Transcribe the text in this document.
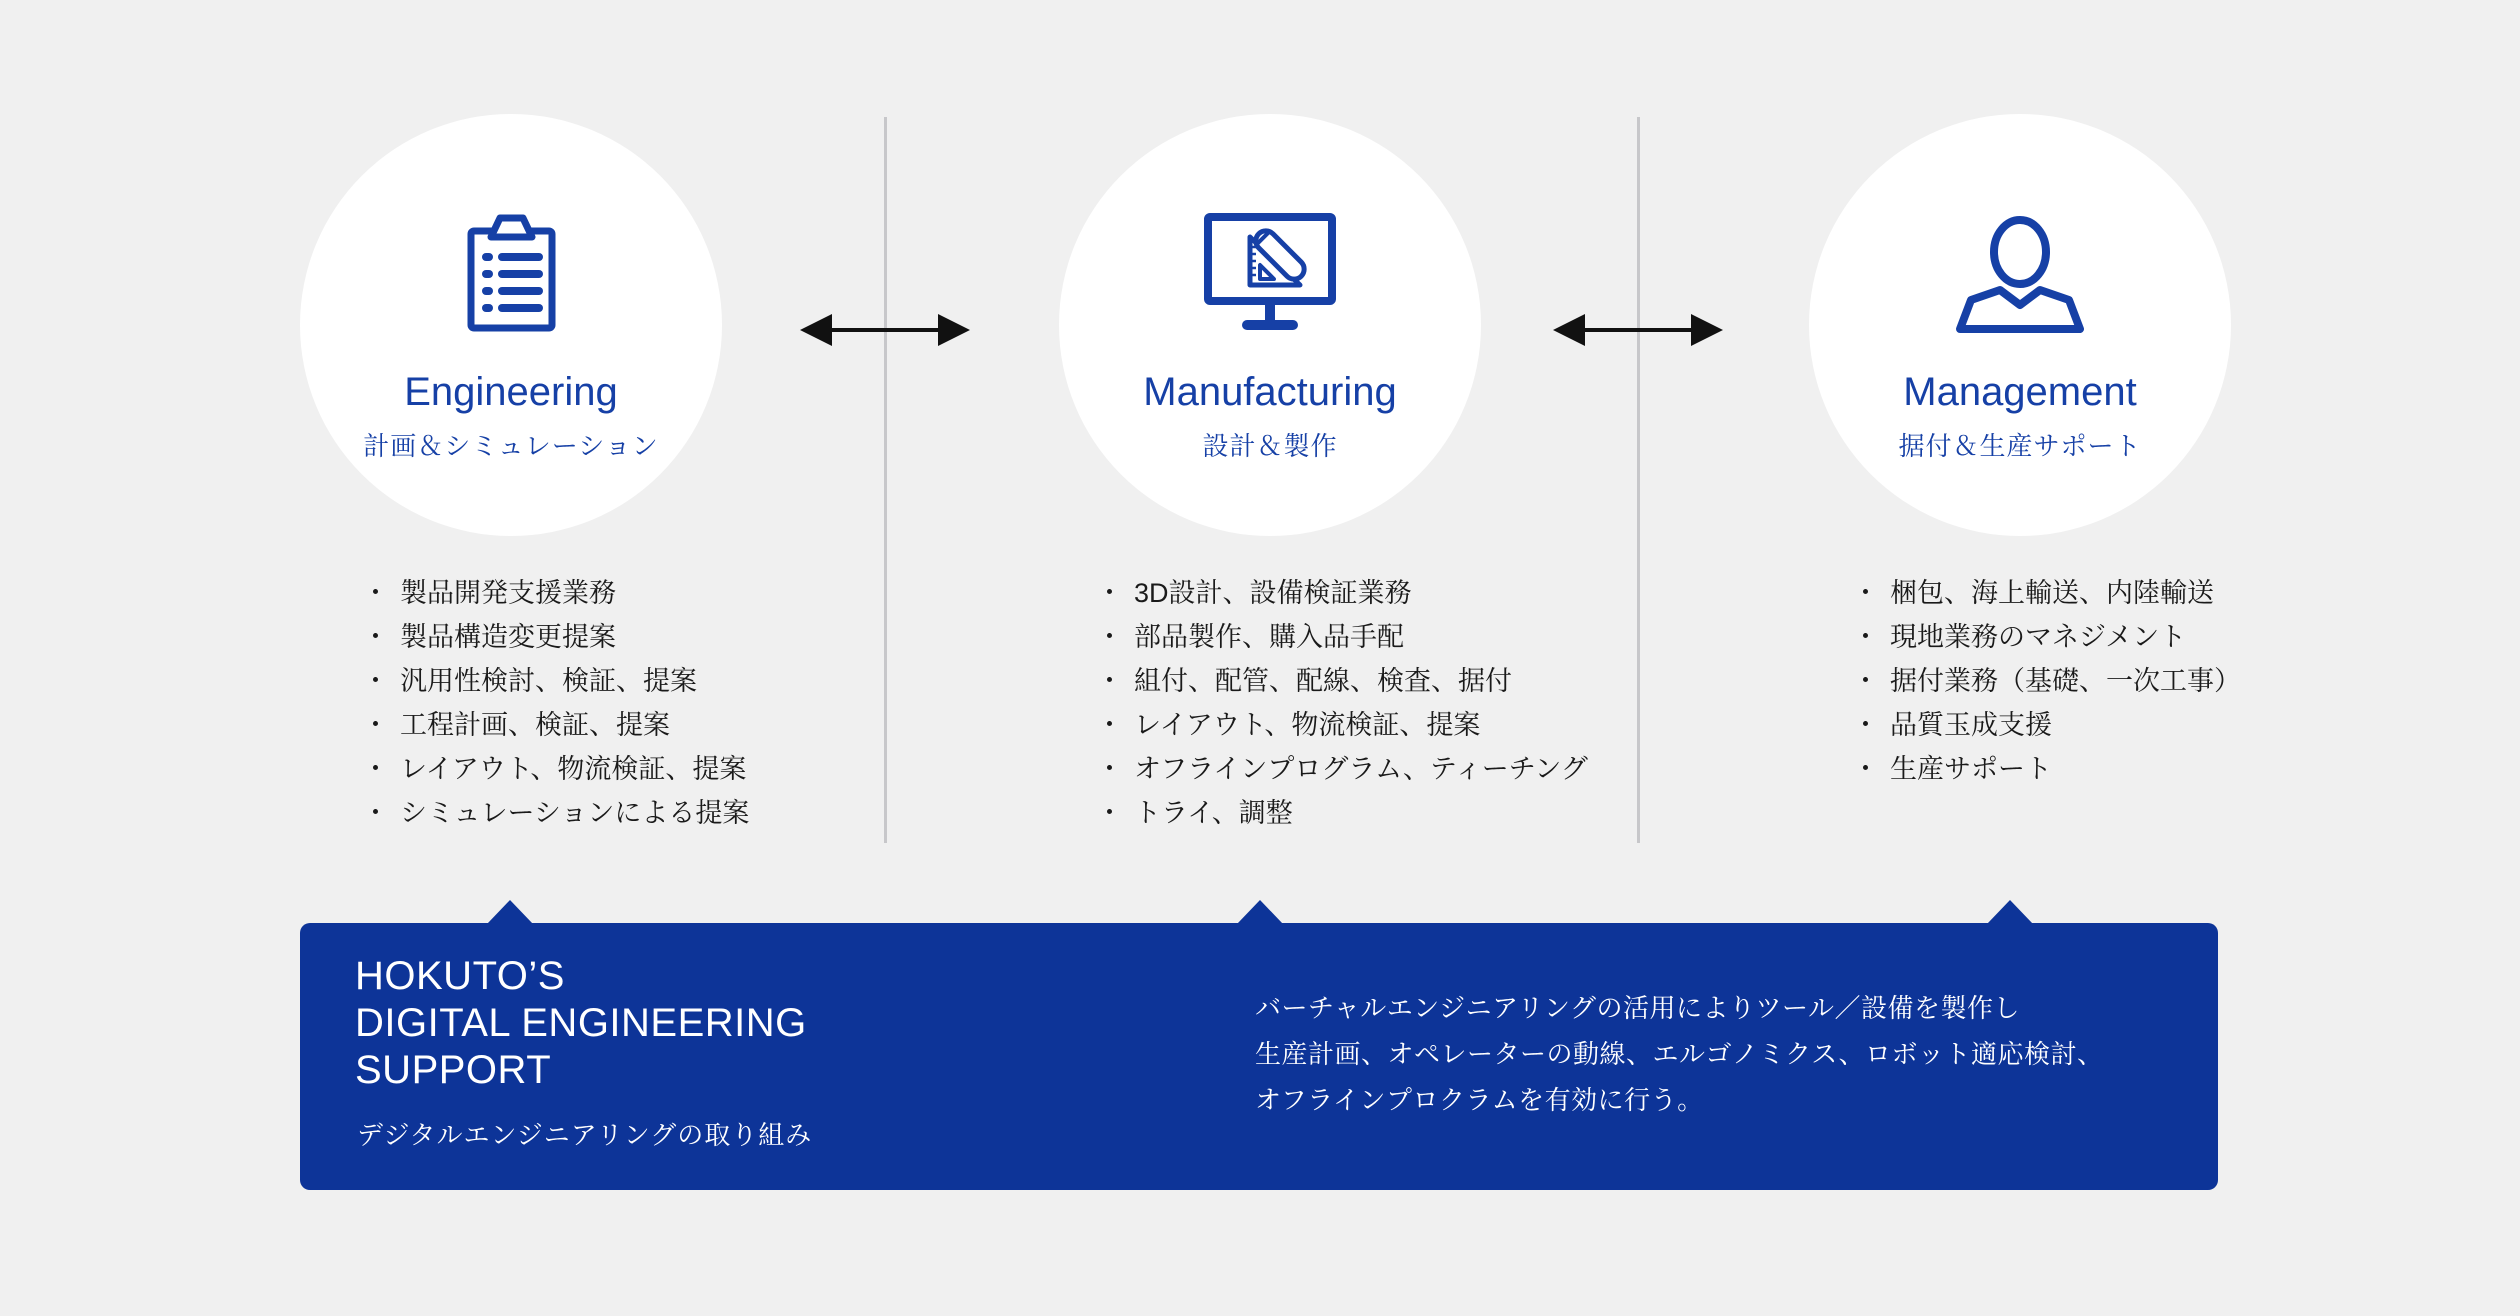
Engineering
計画＆シミュレーション
Manufacturing
設計＆製作
Management
据付＆生産サポート
・ 製品開発支援業務
・ 製品構造変更提案
・ 汎用性検討、検証、提案
・ 工程計画、検証、提案
・ レイアウト、物流検証、提案
・ シミュレーションによる提案
・ 3D設計、設備検証業務
・ 部品製作、購入品手配
・ 組付、配管、配線、検査、据付
・ レイアウト、物流検証、提案
・ オフラインプログラム、ティーチング
・ トライ、調整
・ 梱包、海上輸送、内陸輸送
・ 現地業務のマネジメント
・ 据付業務（基礎、一次工事）
・ 品質玉成支援
・ 生産サポート
HOKUTO’S
DIGITAL ENGINEERING
SUPPORT
デジタルエンジニアリングの取り組み
バーチャルエンジニアリングの活用によりツール／設備を製作し
生産計画、オペレーターの動線、エルゴノミクス、ロボット適応検討、
オフラインプロクラムを有効に行う。
